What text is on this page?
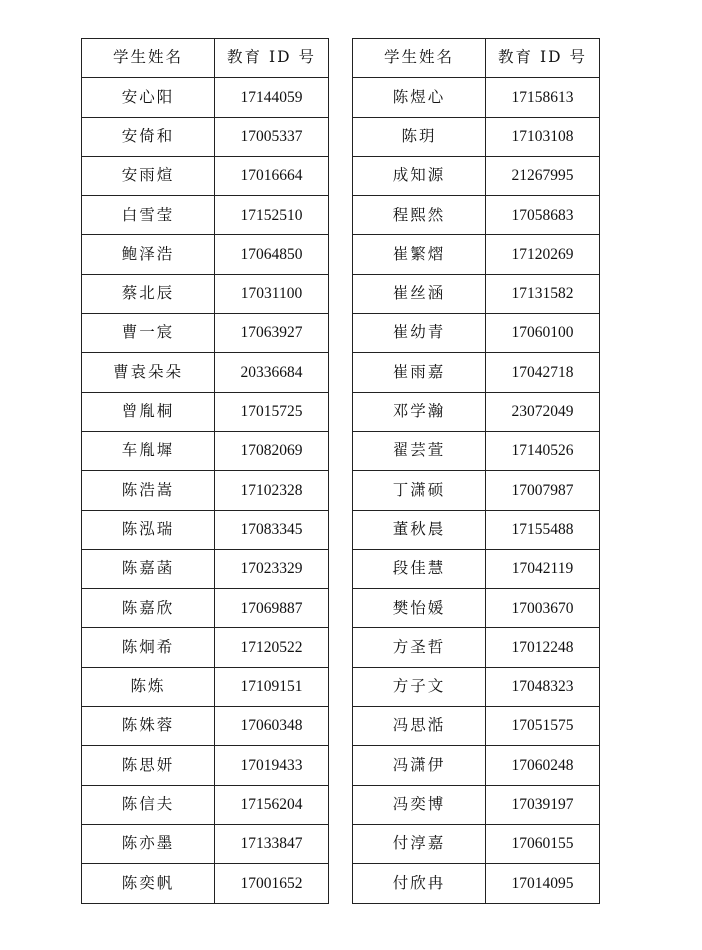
学生姓名	教育 ID 号
安心阳	17144059
安倚和	17005337
安雨煊	17016664
白雪莹	17152510
鲍泽浩	17064850
蔡北辰	17031100
曹一宸	17063927
曹袁朵朵	20336684
曾胤桐	17015725
车胤墀	17082069
陈浩嵩	17102328
陈泓瑞	17083345
陈嘉菡	17023329
陈嘉欣	17069887
陈炯希	17120522
陈炼	17109151
陈姝蓉	17060348
陈思妍	17019433
陈信夫	17156204
陈亦墨	17133847
陈奕帆	17001652
学生姓名	教育 ID 号
陈煜心	17158613
陈玥	17103108
成知源	21267995
程熙然	17058683
崔繁熠	17120269
崔丝涵	17131582
崔幼青	17060100
崔雨嘉	17042718
邓学瀚	23072049
翟芸萱	17140526
丁潇硕	17007987
董秋晨	17155488
段佳慧	17042119
樊怡媛	17003670
方圣哲	17012248
方子文	17048323
冯思湉	17051575
冯潇伊	17060248
冯奕博	17039197
付淳嘉	17060155
付欣冉	17014095
